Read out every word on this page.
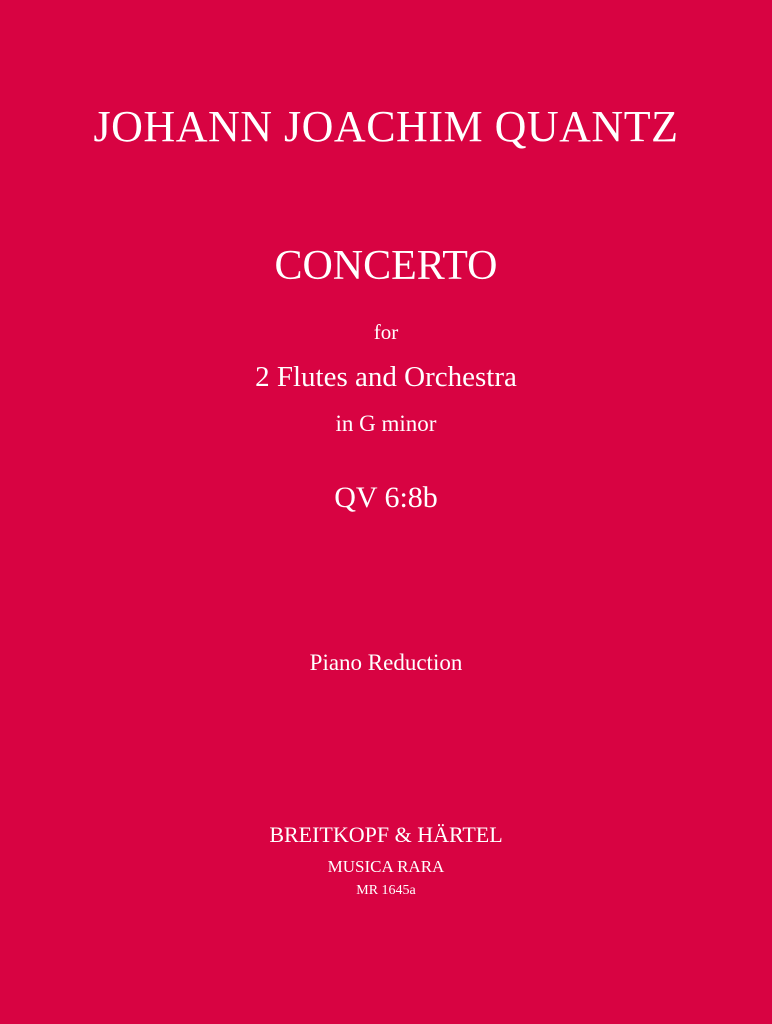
JOHANN JOACHIM QUANTZ
CONCERTO
for
2 Flutes and Orchestra
in G minor
QV 6:8b
Piano Reduction
BREITKOPF & HÄRTEL
MUSICA RARA
MR 1645a
